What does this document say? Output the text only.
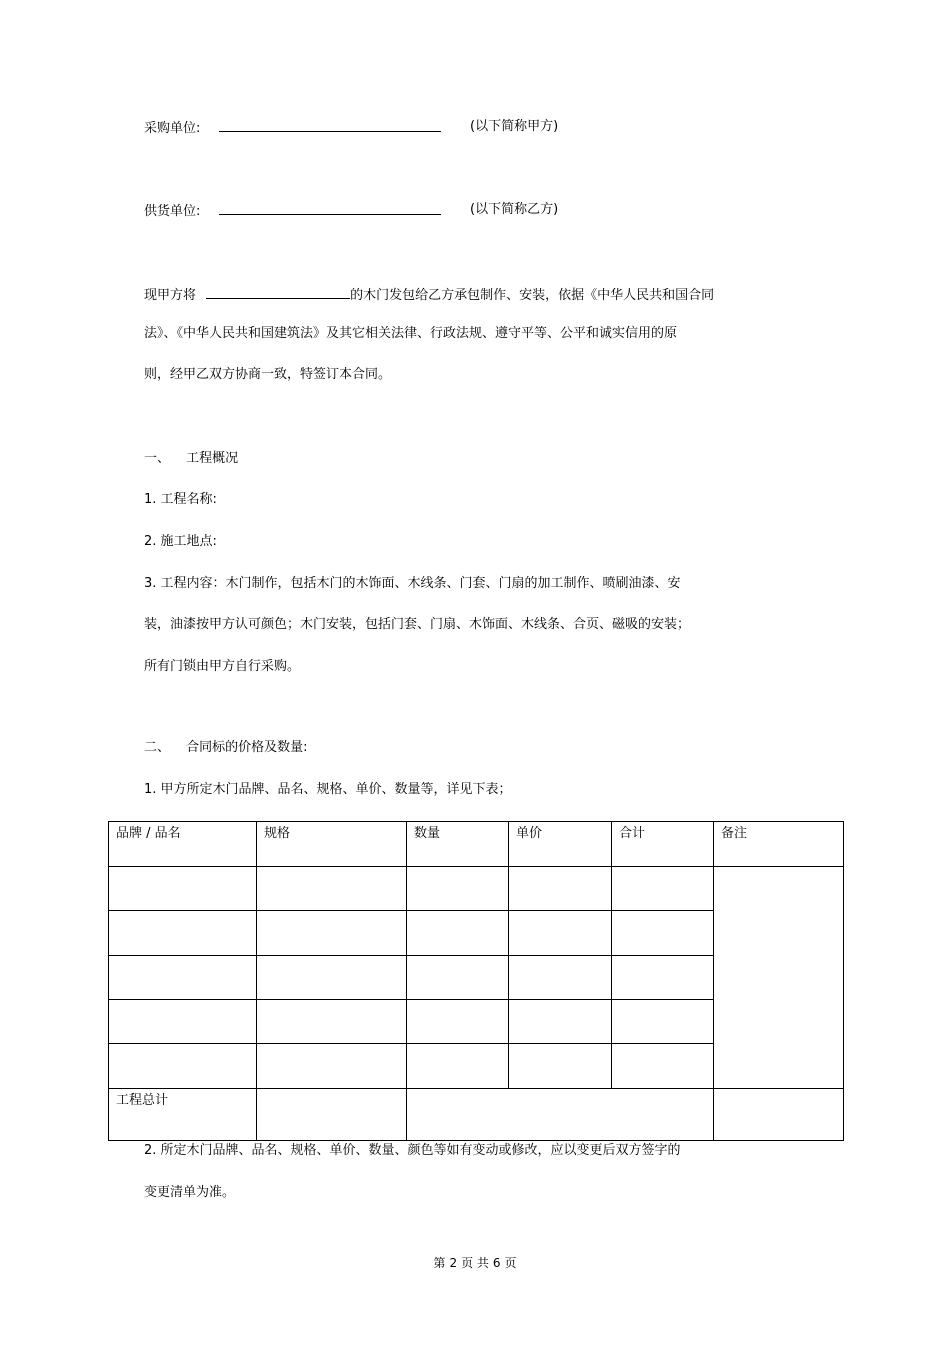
采购单位:	(以下简称甲方)
供货单位:	(以下简称乙方)
现甲方将	的木门发包给乙方承包制作、安装，依据《中华人民共和国合同
法》、《中华人民共和国建筑法》及其它相关法律、行政法规、遵守平等、公平和诚实信用的原
则，经甲乙双方协商一致，特签订本合同。
一、 工程概况
1. 工程名称:
2. 施工地点:
3. 工程内容：木门制作，包括木门的木饰面、木线条、门套、门扇的加工制作、喷刷油漆、安
装，油漆按甲方认可颜色；木门安装，包括门套、门扇、木饰面、木线条、合页、磁吸的安装；
所有门锁由甲方自行采购。
二、 合同标的价格及数量:
1. 甲方所定木门品牌、品名、规格、单价、数量等，详见下表；
品牌 / 品名	规格	数量	单价	合计	备注

工程总计					
2. 所定木门品牌、品名、规格、单价、数量、颜色等如有变动或修改，应以变更后双方签字的
变更清单为准。
第 2 页 共 6 页
